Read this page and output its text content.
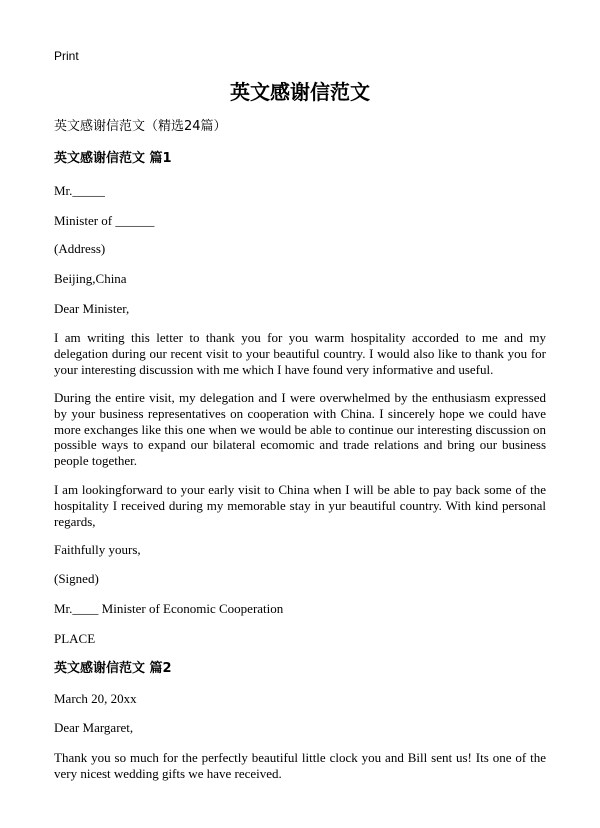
Print
英文感谢信范文
英文感谢信范文（精选24篇）
英文感谢信范文 篇1
Mr._____
Minister of ______
(Address)
Beijing,China
Dear Minister,
I am writing this letter to thank you for you warm hospitality accorded to me and my delegation during our recent visit to your beautiful country. I would also like to thank you for your interesting discussion with me which I have found very informative and useful.
During the entire visit, my delegation and I were overwhelmed by the enthusiasm expressed by your business representatives on cooperation with China. I sincerely hope we could have more exchanges like this one when we would be able to continue our interesting discussion on possible ways to expand our bilateral ecomomic and trade relations and bring our business people together.
I am lookingforward to your early visit to China when I will be able to pay back some of the hospitality I received during my memorable stay in yur beautiful country. With kind personal regards,
Faithfully yours,
(Signed)
Mr.____ Minister of Economic Cooperation
PLACE
英文感谢信范文 篇2
March 20, 20xx
Dear Margaret,
Thank you so much for the perfectly beautiful little clock you and Bill sent us! Its one of the very nicest wedding gifts we have received.
